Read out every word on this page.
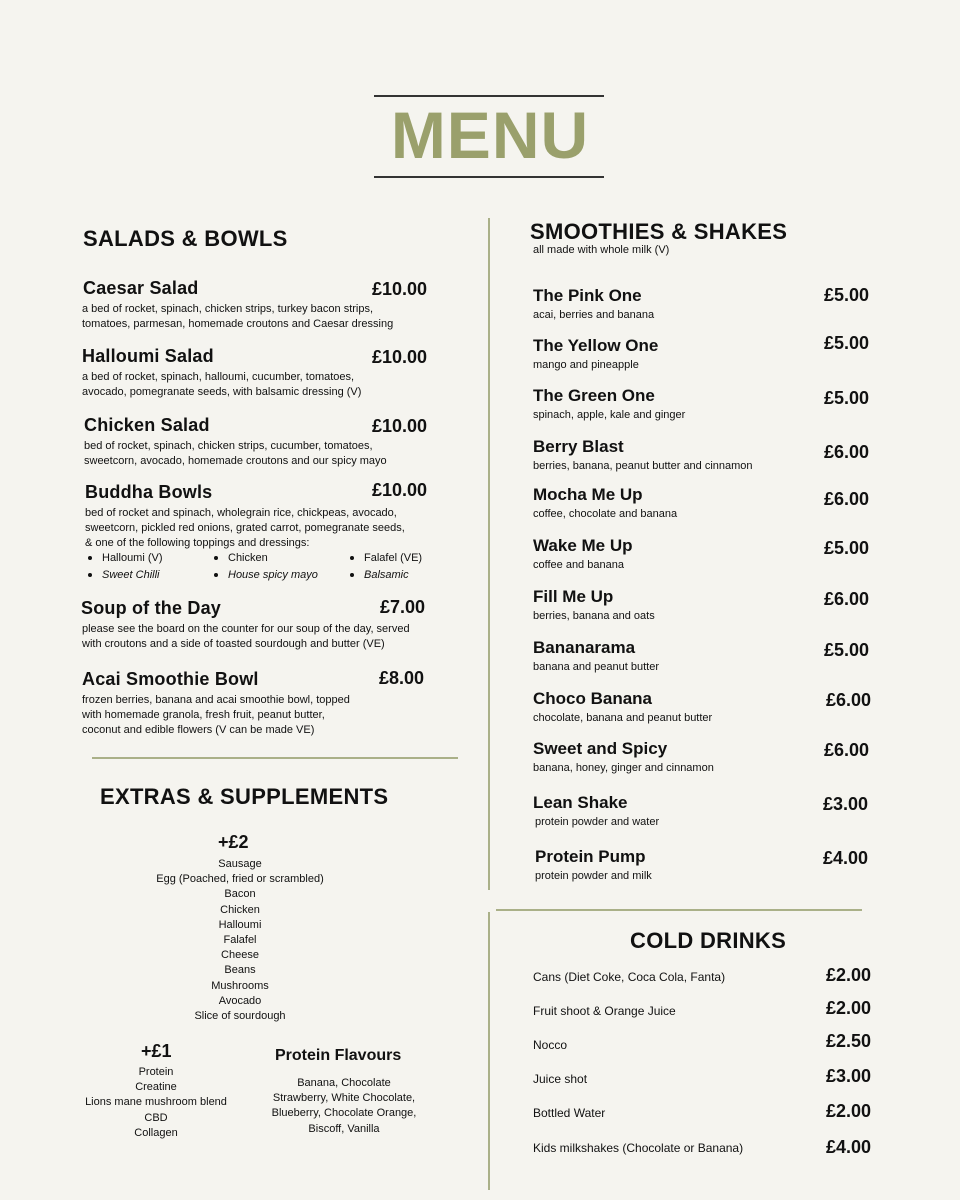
MENU
SALADS & BOWLS
Caesar Salad	£10.00
a bed of rocket, spinach, chicken strips, turkey bacon strips,
tomatoes, parmesan, homemade croutons and Caesar dressing
Halloumi Salad	£10.00
a bed of rocket, spinach, halloumi, cucumber, tomatoes,
avocado, pomegranate seeds, with balsamic dressing (V)
Chicken Salad	£10.00
bed of rocket, spinach, chicken strips, cucumber, tomatoes,
sweetcorn, avocado, homemade croutons and our spicy mayo
Buddha Bowls	£10.00
bed of rocket and spinach, wholegrain rice, chickpeas, avocado,
sweetcorn, pickled red onions, grated carrot, pomegranate seeds,
& one of the following toppings and dressings:
Halloumi (V)
Sweet Chilli
Chicken
House spicy mayo
Falafel (VE)
Balsamic
Soup of the Day	£7.00
please see the board on the counter for our soup of the day, served
with croutons and a side of toasted sourdough and butter (VE)
Acai Smoothie Bowl	£8.00
frozen berries, banana and acai smoothie bowl, topped
with homemade granola, fresh fruit, peanut butter,
coconut and edible flowers (V can be made VE)
EXTRAS & SUPPLEMENTS
+£2
Sausage
Egg (Poached, fried or scrambled)
Bacon
Chicken
Halloumi
Falafel
Cheese
Beans
Mushrooms
Avocado
Slice of sourdough
+£1
Protein
Creatine
Lions mane mushroom blend
CBD
Collagen
Protein Flavours
Banana, Chocolate
Strawberry, White Chocolate,
Blueberry, Chocolate Orange,
Biscoff, Vanilla
SMOOTHIES & SHAKES
all made with whole milk (V)
The Pink One
acai, berries and banana
£5.00
The Yellow One
mango and pineapple
£5.00
The Green One
spinach, apple, kale and ginger
£5.00
Berry Blast
berries, banana, peanut butter and cinnamon
£6.00
Mocha Me Up
coffee, chocolate and banana
£6.00
Wake Me Up
coffee and banana
£5.00
Fill Me Up
berries, banana and oats
£6.00
Bananarama
banana and peanut butter
£5.00
Choco Banana
chocolate, banana and peanut butter
£6.00
Sweet and Spicy
banana, honey, ginger and cinnamon
£6.00
Lean Shake
protein powder and water
£3.00
Protein Pump
protein powder and milk
£4.00
COLD DRINKS
Cans (Diet Coke, Coca Cola, Fanta)	£2.00
Fruit shoot & Orange Juice	£2.00
Nocco	£2.50
Juice shot	£3.00
Bottled Water	£2.00
Kids milkshakes (Chocolate or Banana)	£4.00
